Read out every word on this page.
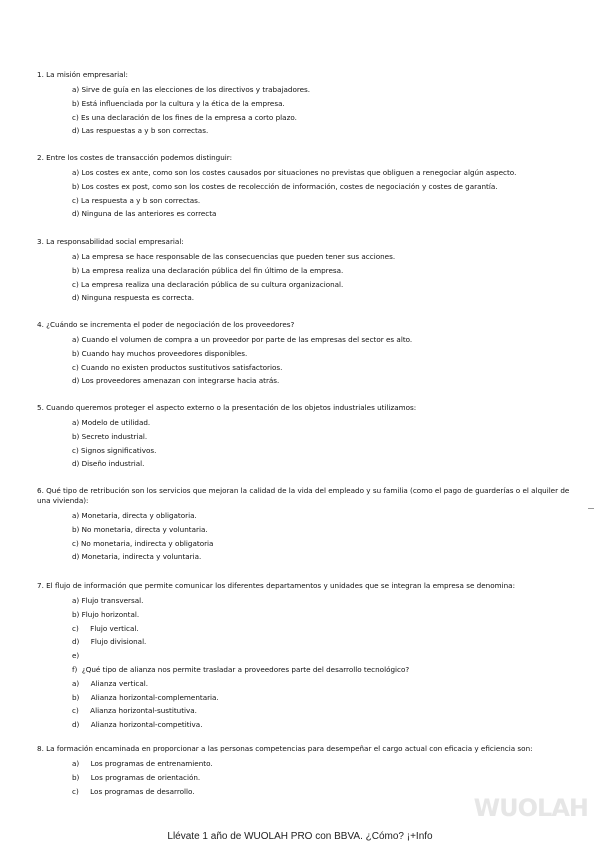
1. La misión empresarial:

a) Sirve de guía en las elecciones de los directivos y trabajadores.
b) Está influenciada por la cultura y la ética de la empresa.
c) Es una declaración de los fines de la empresa a corto plazo.
d) Las respuestas a y b son correctas.

2. Entre los costes de transacción podemos distinguir:

a) Los costes ex ante, como son los costes causados por situaciones no previstas que obliguen a renegociar algún aspecto.
b) Los costes ex post, como son los costes de recolección de información, costes de negociación y costes de garantía.
c) La respuesta a y b son correctas.
d) Ninguna de las anteriores es correcta

3. La responsabilidad social empresarial:

a) La empresa se hace responsable de las consecuencias que pueden tener sus acciones.
b) La empresa realiza una declaración pública del fin último de la empresa.
c) La empresa realiza una declaración pública de su cultura organizacional.
d) Ninguna respuesta es correcta.

4. ¿Cuándo se incrementa el poder de negociación de los proveedores?

a) Cuando el volumen de compra a un proveedor por parte de las empresas del sector es alto.
b) Cuando hay muchos proveedores disponibles.
c) Cuando no existen productos sustitutivos satisfactorios.
d) Los proveedores amenazan con integrarse hacia atrás.

5. Cuando queremos proteger el aspecto externo o la presentación de los objetos industriales utilizamos:

a) Modelo de utilidad.
b) Secreto industrial.
c) Signos significativos.
d) Diseño industrial.

6. Qué tipo de retribución son los servicios que mejoran la calidad de la vida del empleado y su familia (como el pago de guarderías o el alquiler de una vivienda):

a) Monetaria, directa y obligatoria.
b) No monetaria, directa y voluntaria.
c) No monetaria, indirecta y obligatoria
d) Monetaria, indirecta y voluntaria.

7. El flujo de información que permite comunicar los diferentes departamentos y unidades que se integran la empresa se denomina:

a) Flujo transversal.
b) Flujo horizontal.
c)     Flujo vertical.
d)     Flujo divisional.
e)
f)  ¿Qué tipo de alianza nos permite trasladar a proveedores parte del desarrollo tecnológico?
a)     Alianza vertical.
b)     Alianza horizontal-complementaria.
c)     Alianza horizontal-sustitutiva.
d)     Alianza horizontal-competitiva.

8. La formación encaminada en proporcionar a las personas competencias para desempeñar el cargo actual con eficacia y eficiencia son:

a)     Los programas de entrenamiento.
b)     Los programas de orientación.
c)     Los programas de desarrollo.
WUOLAH
Llévate 1 año de WUOLAH PRO con BBVA. ¿Cómo? ¡+Info
